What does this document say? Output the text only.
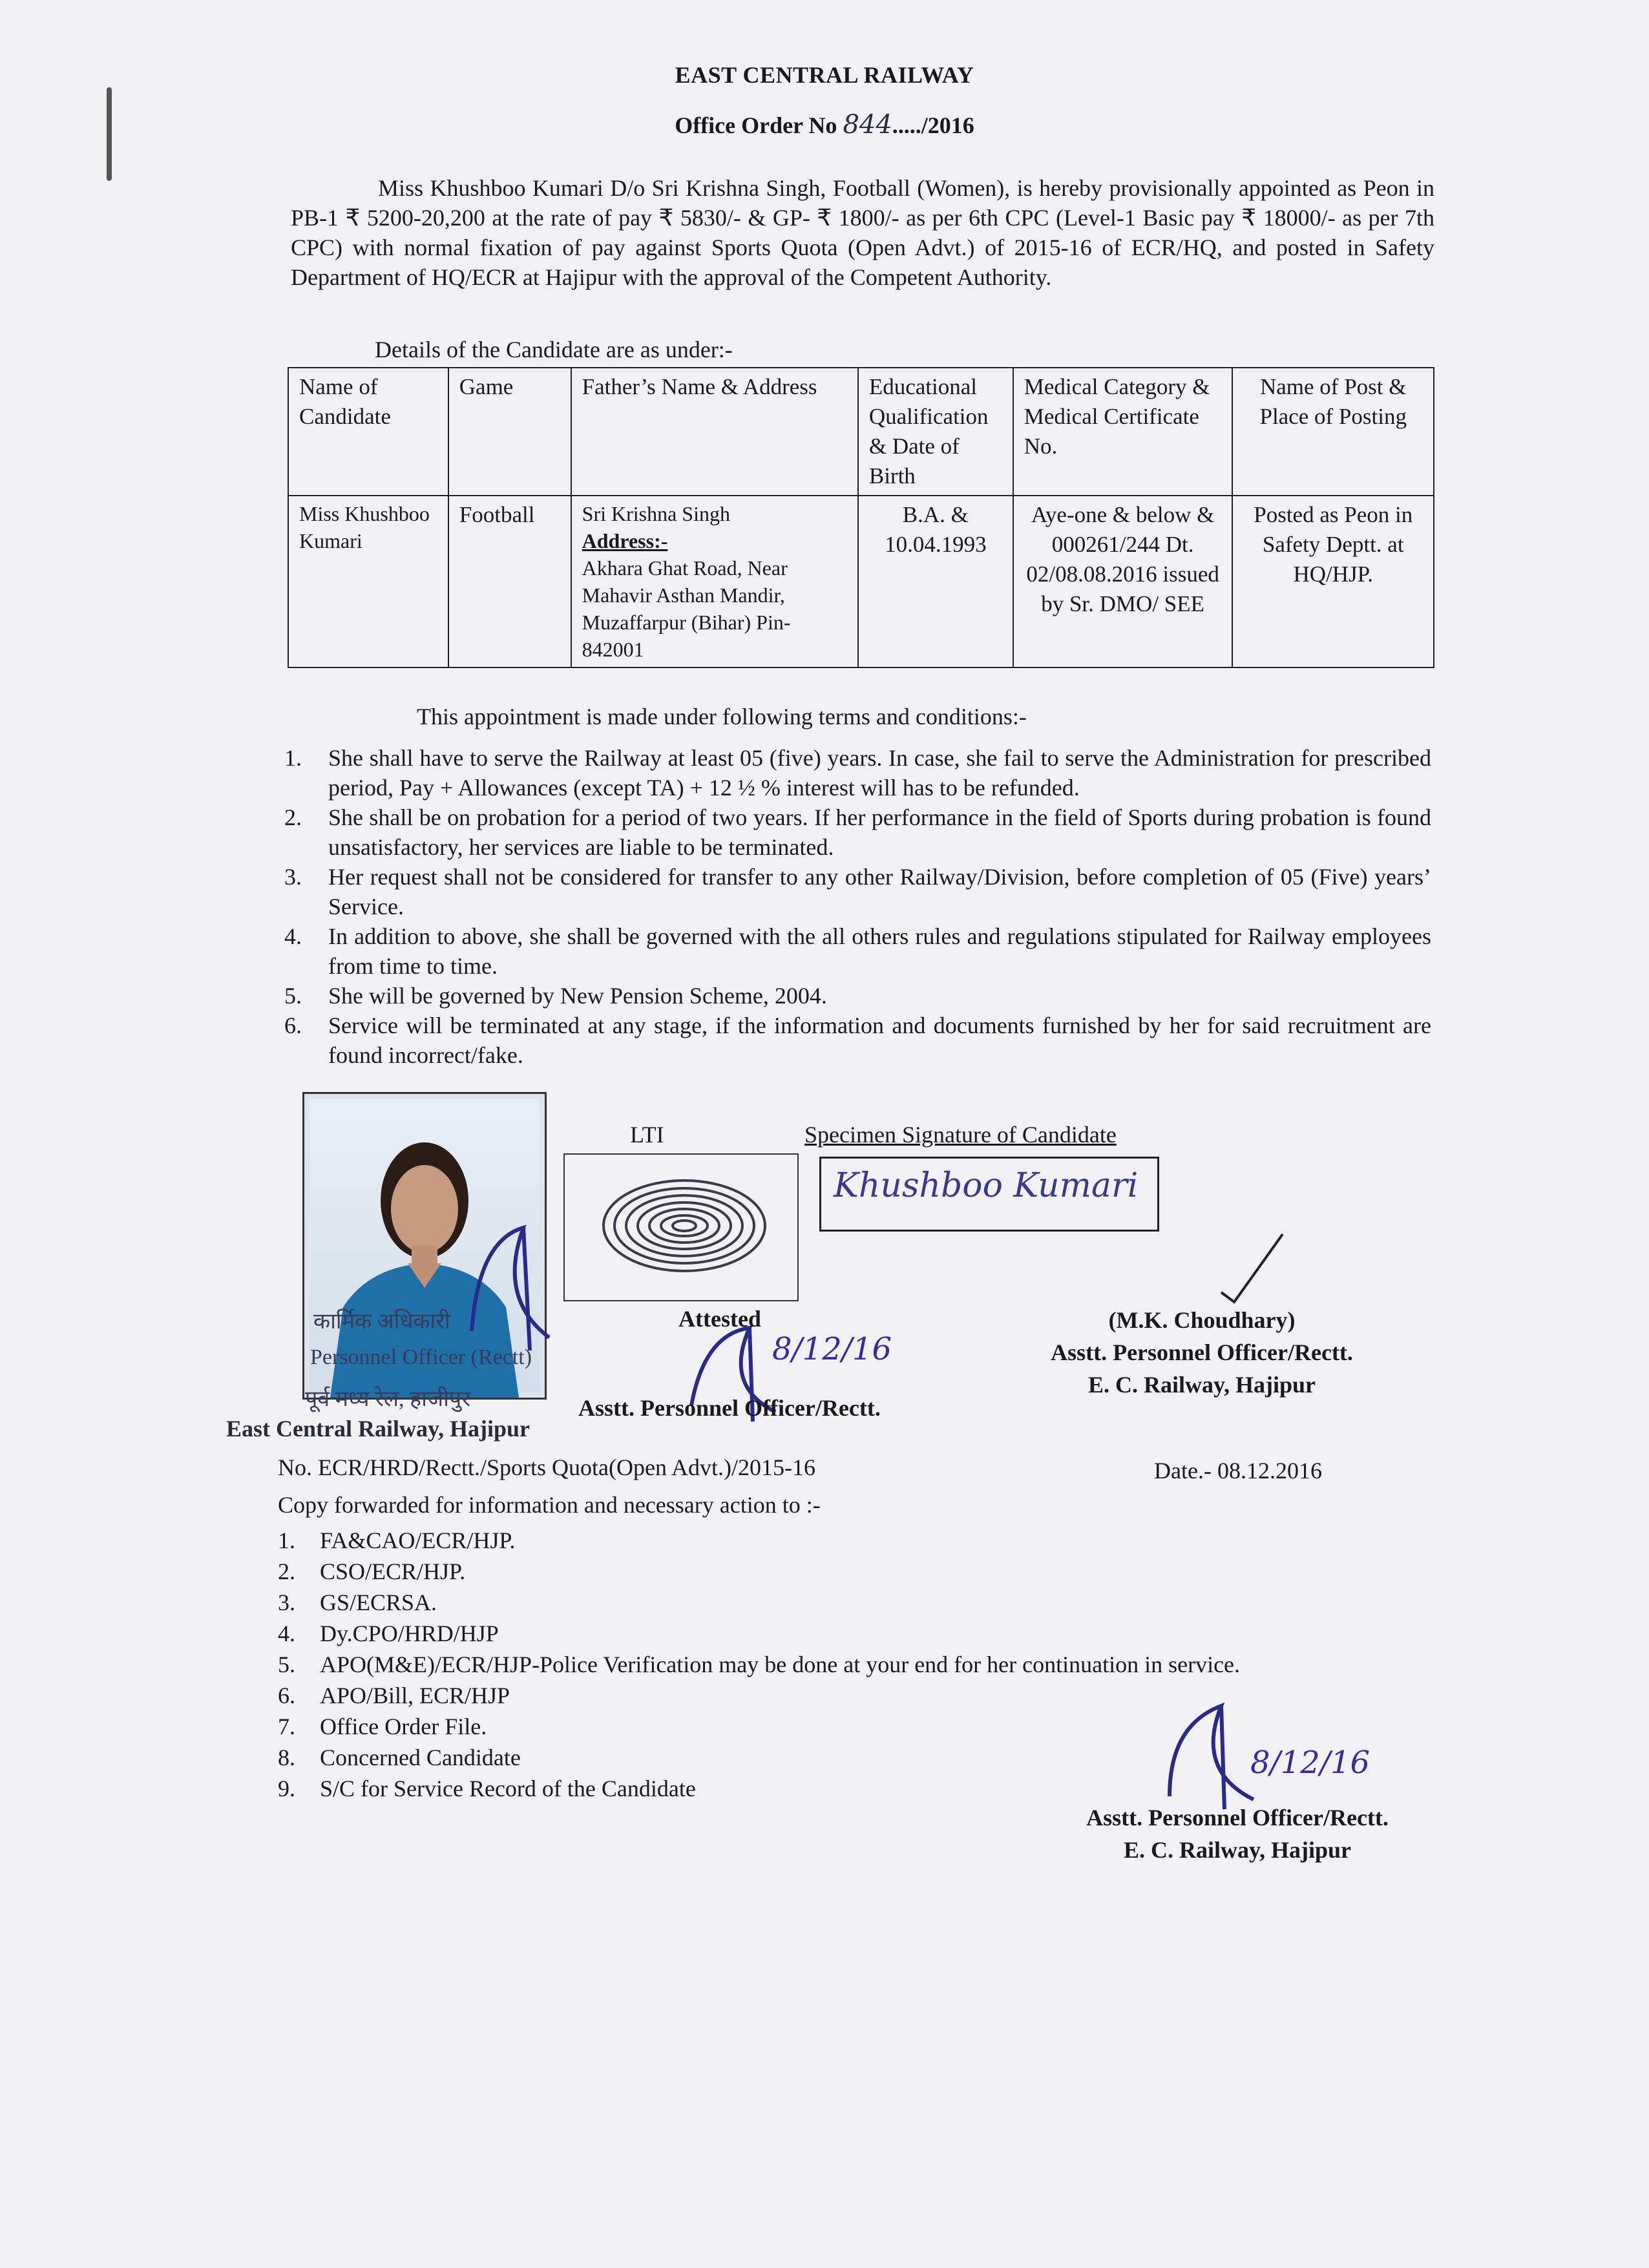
EAST CENTRAL RAILWAY
Office Order No 844...../2016
Miss Khushboo Kumari D/o Sri Krishna Singh, Football (Women), is hereby provisionally appointed as Peon in PB-1 ₹ 5200-20,200 at the rate of pay ₹ 5830/- & GP- ₹ 1800/- as per 6th CPC (Level-1 Basic pay ₹ 18000/- as per 7th CPC) with normal fixation of pay against Sports Quota (Open Advt.) of 2015-16 of ECR/HQ, and posted in Safety Department of HQ/ECR at Hajipur with the approval of the Competent Authority.
Details of the Candidate are as under:-
Name of Candidate	Game	Father’s Name & Address	Educational Qualification & Date of Birth	Medical Category & Medical Certificate No.	Name of Post & Place of Posting
Miss Khushboo Kumari	Football	Sri Krishna Singh
Address:-
Akhara Ghat Road, Near Mahavir Asthan Mandir, Muzaffarpur (Bihar) Pin-842001	B.A. & 10.04.1993	Aye-one & below & 000261/244 Dt. 02/08.08.2016 issued by Sr. DMO/ SEE	Posted as Peon in Safety Deptt. at HQ/HJP.
This appointment is made under following terms and conditions:-
1. She shall have to serve the Railway at least 05 (five) years. In case, she fail to serve the Administration for prescribed period, Pay + Allowances (except TA) + 12 ½ % interest will has to be refunded.
2. She shall be on probation for a period of two years. If her performance in the field of Sports during probation is found unsatisfactory, her services are liable to be terminated.
3. Her request shall not be considered for transfer to any other Railway/Division, before completion of 05 (Five) years’ Service.
4. In addition to above, she shall be governed with the all others rules and regulations stipulated for Railway employees from time to time.
5. She will be governed by New Pension Scheme, 2004.
6. Service will be terminated at any stage, if the information and documents furnished by her for said recruitment are found incorrect/fake.
कार्मिक अधिकारी
Personnel Officer (Rectt)
पूर्व मध्य रेल, हाजीपुर
East Central Railway, Hajipur
LTI	Specimen Signature of Candidate
Khushboo Kumari
8/12/16
Attested
Asstt. Personnel Officer/Rectt.
(M.K. Choudhary)
Asstt. Personnel Officer/Rectt.
E. C. Railway, Hajipur
No. ECR/HRD/Rectt./Sports Quota(Open Advt.)/2015-16	Date.- 08.12.2016
Copy forwarded for information and necessary action to :-
1. FA&CAO/ECR/HJP.
2. CSO/ECR/HJP.
3. GS/ECRSA.
4. Dy.CPO/HRD/HJP
5. APO(M&E)/ECR/HJP-Police Verification may be done at your end for her continuation in service.
6. APO/Bill, ECR/HJP
7. Office Order File.
8. Concerned Candidate
9. S/C for Service Record of the Candidate
8/12/16
Asstt. Personnel Officer/Rectt.
E. C. Railway, Hajipur
